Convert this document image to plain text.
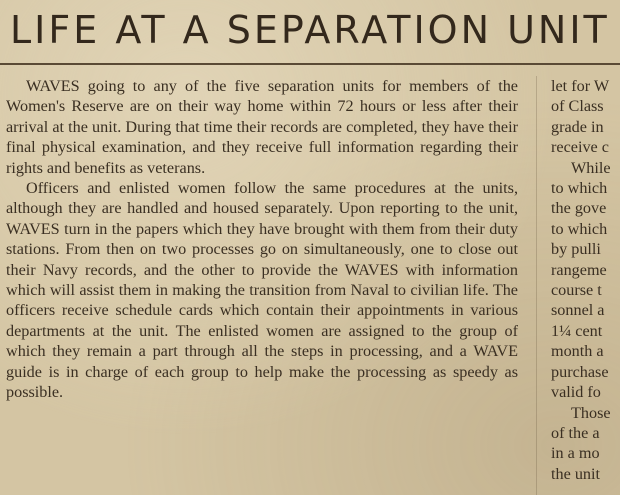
LIFE AT A SEPARATION UNIT

WAVES going to any of the five separation units for members of the Women's Reserve are on their way home within 72 hours or less after their arrival at the unit. During that time their records are completed, they have their final physical examination, and they receive full information regarding their rights and benefits as veterans.

Officers and enlisted women follow the same procedures at the units, although they are handled and housed separately. Upon reporting to the unit, WAVES turn in the papers which they have brought with them from their duty stations. From then on two processes go on simultaneously, one to close out their Navy records, and the other to provide the WAVES with information which will assist them in making the transition from Naval to civilian life. The officers receive schedule cards which contain their appointments in various departments at the unit. The enlisted women are assigned to the group of which they remain a part through all the steps in processing, and a WAVE guide is in charge of each group to help make the processing as speedy as possible.

let for W
of Class
grade in
receive c
While
to which
the gove
to which
by pulli
rangeme
course t
sonnel a
1¼ cent
month a
purchase
valid fo
Those
of the a
in a mo
the unit
